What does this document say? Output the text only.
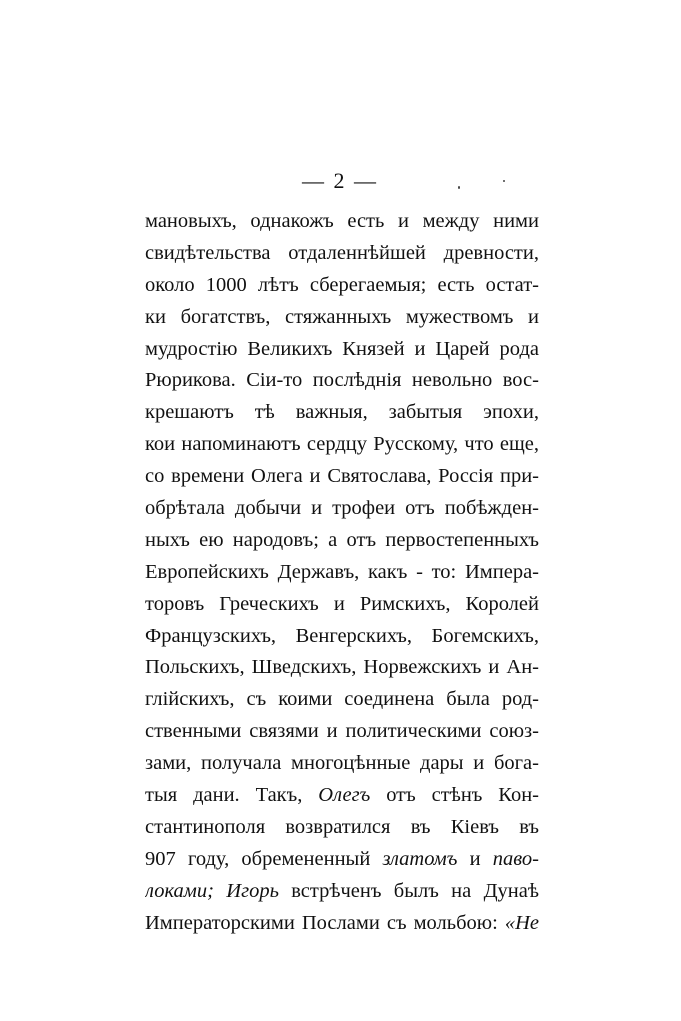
— 2 —
мановыхъ, однакожъ есть и между ними
свидѣтельства отдаленнѣйшей древности,
около 1000 лѣтъ сберегаемыя; есть остат-
ки богатствъ, стяжанныхъ мужествомъ и
мудростію Великихъ Князей и Царей рода
Рюрикова. Сіи-то послѣднія невольно вос-
крешаютъ тѣ важныя, забытыя эпохи,
кои напоминаютъ сердцу Русскому, что еще,
со времени Олега и Святослава, Россія при-
обрѣтала добычи и трофеи отъ побѣжден-
ныхъ ею народовъ; а отъ первостепенныхъ
Европейскихъ Державъ, какъ - то: Импера-
торовъ Греческихъ и Римскихъ, Королей
Французскихъ, Венгерскихъ, Богемскихъ,
Польскихъ, Шведскихъ, Норвежскихъ и Ан-
глійскихъ, съ коими соединена была род-
ственными связями и политическими союз-
зами, получала многоцѣнные дары и бога-
тыя дани. Такъ, Олегъ отъ стѣнъ Кон-
стантинополя возвратился въ Кіевъ въ
907 году, обремененный златомъ и паво-
локами; Игорь встрѣченъ былъ на Дунаѣ
Императорскими Послами съ мольбою: «Не
